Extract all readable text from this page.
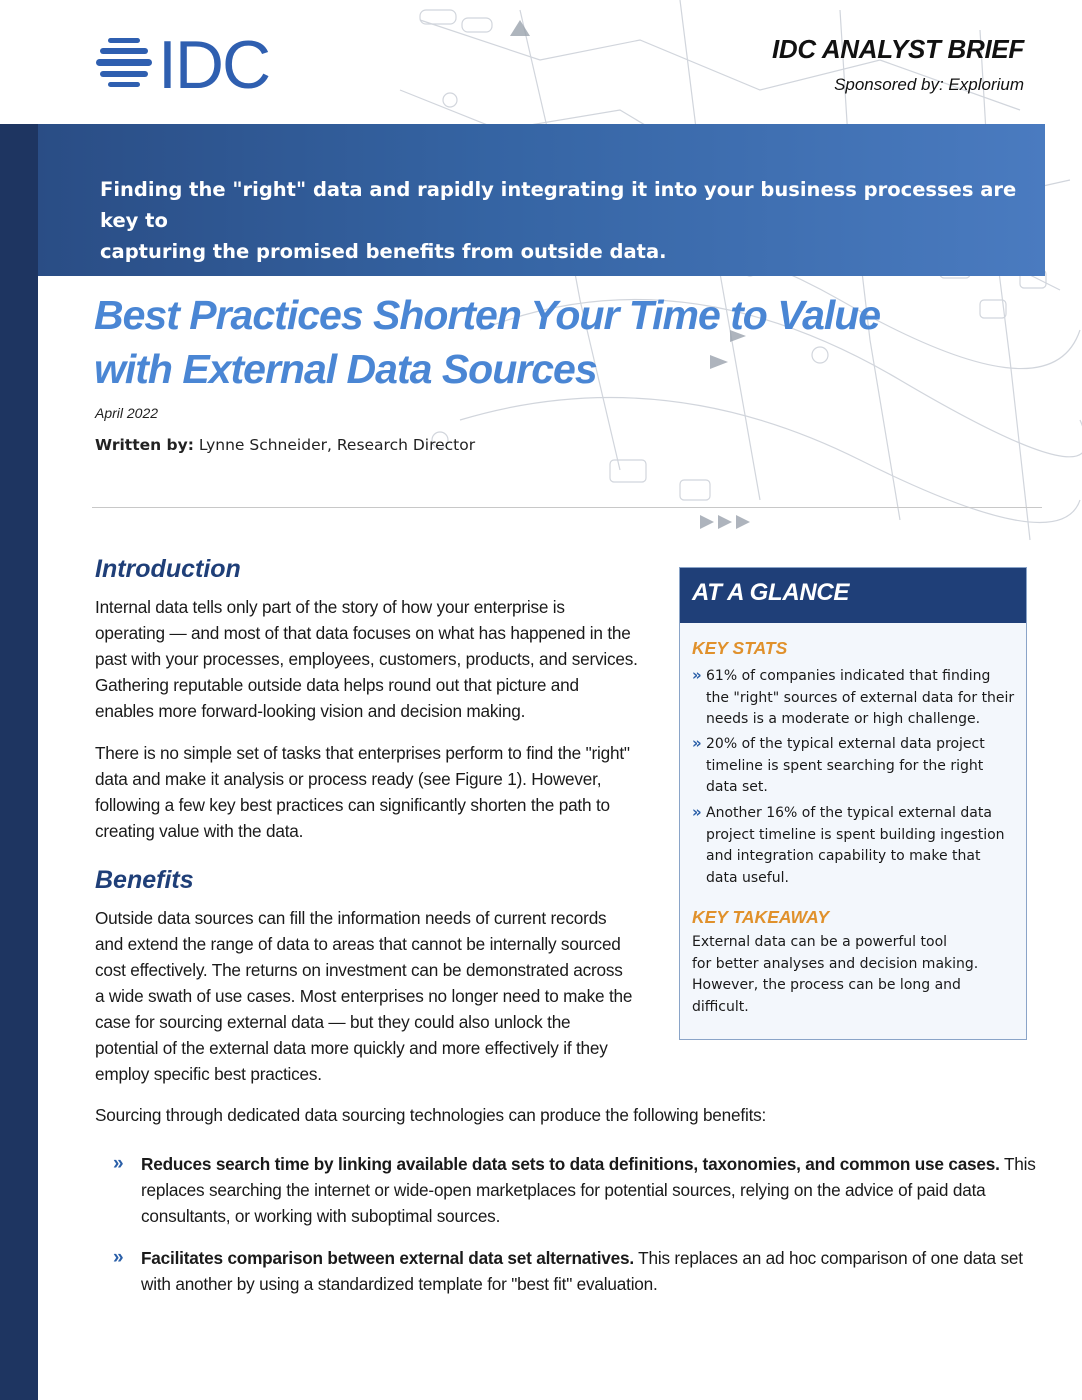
IDC	IDC ANALYST BRIEF
Sponsored by: Explorium
Finding the "right" data and rapidly integrating it into your business processes are key to
capturing the promised benefits from outside data.
Best Practices Shorten Your Time to Value
with External Data Sources
April 2022
Written by: Lynne Schneider, Research Director
Introduction
Internal data tells only part of the story of how your enterprise is
operating — and most of that data focuses on what has happened in the
past with your processes, employees, customers, products, and services.
Gathering reputable outside data helps round out that picture and
enables more forward-looking vision and decision making.
There is no simple set of tasks that enterprises perform to find the "right"
data and make it analysis or process ready (see Figure 1). However,
following a few key best practices can significantly shorten the path to
creating value with the data.
Benefits
Outside data sources can fill the information needs of current records
and extend the range of data to areas that cannot be internally sourced
cost effectively. The returns on investment can be demonstrated across
a wide swath of use cases. Most enterprises no longer need to make the
case for sourcing external data — but they could also unlock the
potential of the external data more quickly and more effectively if they
employ specific best practices.
Sourcing through dedicated data sourcing technologies can produce the following benefits:
»	Reduces search time by linking available data sets to data definitions, taxonomies, and common use cases. This
replaces searching the internet or wide-open marketplaces for potential sources, relying on the advice of paid data
consultants, or working with suboptimal sources.
»	Facilitates comparison between external data set alternatives. This replaces an ad hoc comparison of one data set
with another by using a standardized template for "best fit" evaluation.
AT A GLANCE
KEY STATS
» 61% of companies indicated that finding
the "right" sources of external data for their
needs is a moderate or high challenge.
» 20% of the typical external data project
timeline is spent searching for the right
data set.
» Another 16% of the typical external data
project timeline is spent building ingestion
and integration capability to make that
data useful.
KEY TAKEAWAY
External data can be a powerful tool
for better analyses and decision making.
However, the process can be long and
difficult.
